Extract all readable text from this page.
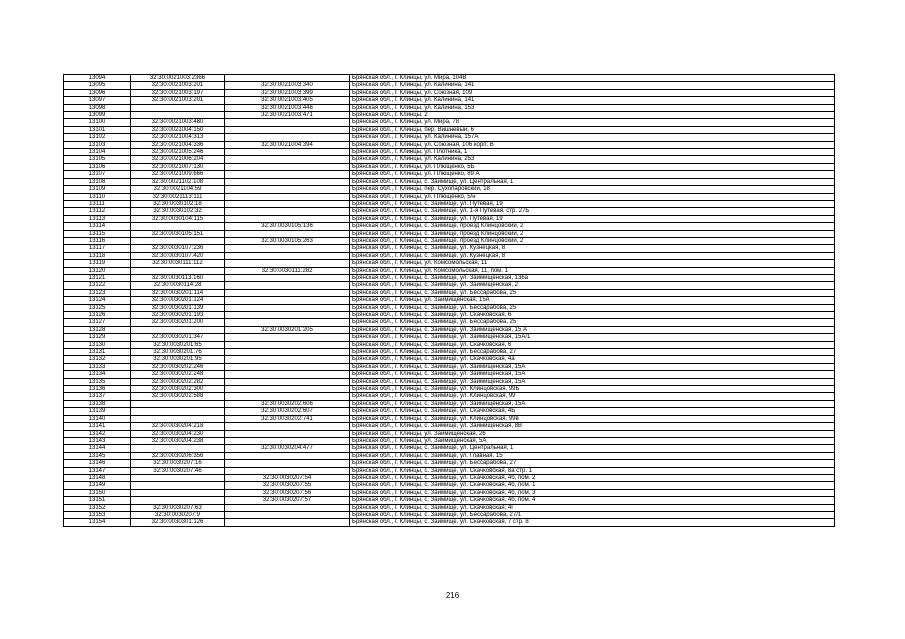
13094	32:30:0021003:2366		Брянская обл., г. Клинцы, ул. Мира, 104В
13095	32:30:0021003:201	32:30:0021003:340	Брянская обл., г. Клинцы, ул. Калинина, 141
13096	32:30:0021003:197	32:30:0021003:399	Брянская обл., г. Клинцы, ул. Союзная, 109
13097	32:30:0021003:201	32:30:0021003:405	Брянская обл., г. Клинцы, ул. Калинина, 141
13098		32:30:0021003:446	Брянская обл., г. Клинцы, ул. Калинина, 153
13099		32:30:0021003:471	Брянская обл., г. Клинцы, 2
13100	32:30:0021003:480		Брянская обл., г. Клинцы, ул. Мира, 78
13101	32:30:0021004:150		Брянская обл., г. Клинцы, пер. Вишневый, 6
13102	32:30:0021004:313		Брянская обл., г. Клинцы, ул. Калинина, 157А
13103	32:30:0021004:336	32:30:0021004:394	Брянская обл., г. Клинцы, ул. Союзная, 106 корп. В
13104	32:30:0021005:246		Брянская обл., г. Клинцы, ул. Плотника, 1
13105	32:30:0021006:204		Брянская обл., г. Клинцы, ул. Калинина, 253
13106	32:30:0021007:130		Брянская обл., г. Клинцы, ул. Плющенко, 5Б
13107	32:30:0021009:666		Брянская обл., г. Клинцы, ул. Плющенко, 89 А
13108	32:30:0021102:108		Брянская обл., г. Клинцы, с. Займище, ул. Центральная, 1
13109	32:30:0021104:59		Брянская обл., г. Клинцы, пер. Сухопаровский, 18
13110	32:30:0021113:111		Брянская обл., г. Клинцы, ул. Плющенко, 5/н
13111	32:30:0030102:18		Брянская обл., г. Клинцы, с. Займище, ул. Путевая, 19
13112	32:30:0030102:32		Брянская обл., г. Клинцы, с. Займище, ул. 1-я Путевая, стр. 27Б
13113	32:30:0030104:115		Брянская обл., г. Клинцы, с. Займище, ул. Путевая, 19
13114		32:30:0030105:136	Брянская обл., г. Клинцы, с. Займище, проезд Клинцовский, 2
13115	32:30:0030105:151		Брянская обл., г. Клинцы, с. Займище, проезд Клинцовский, 2
13116		32:30:0030105:263	Брянская обл., г. Клинцы, с. Займище, проезд Клинцовский, 2
13117	32:30:0030107:236		Брянская обл., г. Клинцы, с. Займище, ул. Кузнецкая, 8
13118	32:30:0030107:420		Брянская обл., г. Клинцы, с. Займище, ул. Кузнецкая, 8
13119	32:30:0030111:112		Брянская обл., г. Клинцы, ул. Комсомольская, 11
13120		32:30:0030111:282	Брянская обл., г. Клинцы, ул. Комсомольская, 11, пом. 1
13121	32:30:0030113:160		Брянская обл., г. Клинцы, с. Займище, ул. Займищенская, 136а
13122	32:30:0030114:28		Брянская обл., г. Клинцы, с. Займище, ул. Займищенская, 2
13123	32:30:0030201:114		Брянская обл., г. Клинцы, с. Займище, ул. Бессарабова, 25
13124	32:30:0030201:124		Брянская обл., г. Клинцы, ул. Займищенская, 15А
13125	32:30:0030201:139		Брянская обл., г. Клинцы, с. Займище, ул. Бессарабова, 25
13126	32:30:0030201:193		Брянская обл., г. Клинцы, с. Займище, ул. Скачковская, 6
13127	32:30:0030201:200		Брянская обл., г. Клинцы, с. Займище, ул. Бессарабова, 25
13128		32:30:0030201:205	Брянская обл., г. Клинцы, с. Займище, ул. Займищенская, 15 А
13129	32:30:0030201:347		Брянская обл., г. Клинцы, с. Займище, ул. Займищенская, 15А/1
13130	32:30:0030201:65		Брянская обл., г. Клинцы, с. Займище, ул. Скачковская, 6
13131	32:30:0030201:76		Брянская обл., г. Клинцы, с. Займище, ул. Бессарабова, 27
13132	32:30:0030201:95		Брянская обл., г. Клинцы, с. Займище, ул. Скачковская, 4а
13133	32:30:0030202:246		Брянская обл., г. Клинцы, с. Займище, ул. Займищенская, 15А
13134	32:30:0030202:248		Брянская обл., г. Клинцы, с. Займище, ул. Займищенская, 15А
13135	32:30:0030202:282		Брянская обл., г. Клинцы, с. Займище, ул. Займищенская, 15А
13136	32:30:0030202:300		Брянская обл., г. Клинцы, с. Займище, ул. Клинцовская, 99Б
13137	32:30:0030202:588		Брянская обл., г. Клинцы, с. Займище, ул. Клинцовская, 99
13138		32:30:0030202:606	Брянская обл., г. Клинцы, с. Займище, ул. Займищенская, 15А
13139		32:30:0030202:607	Брянская обл., г. Клинцы, с. Займище, ул. Скачковская, 4Б
13140		32:30:0030202:741	Брянская обл., г. Клинцы, с. Займище, ул. Клинцовская, 99в
13141	32:30:0030204:218		Брянская обл., г. Клинцы, с. Займище, ул. Займищенская, 8В
13142	32:30:0030204:230		Брянская обл., г. Клинцы, ул. Займищенская, 26
13143	32:30:0030204:238		Брянская обл., г. Клинцы, ул. Займищенская, 5А
13144		32:30:0030204:477	Брянская обл., г. Клинцы, с. Займище, ул. Центральная, 1
13145	32:30:0030206:356		Брянская обл., г. Клинцы, с. Займище, ул. Главная, 15
13146	32:30:0030207:16		Брянская обл., г. Клинцы, с. Займище, ул. Бессарабова, 27
13147	32:30:0030207:46		Брянская обл., г. Клинцы, с. Займище, ул. Скачковская, 8а стр. 1
13148		32:30:0030207:54	Брянская обл., г. Клинцы, с. Займище, ул. Скачковская, 4б, пом. 2
13149		32:30:0030207:55	Брянская обл., г. Клинцы, с. Займище, ул. Скачковская, 4б, пом. 1
13150		32:30:0030207:56	Брянская обл., г. Клинцы, с. Займище, ул. Скачковская, 4б, пом. 3
13151		32:30:0030207:57	Брянская обл., г. Клинцы, с. Займище, ул. Скачковская, 4б, пом. 4
13152	32:30:0030207:63		Брянская обл., г. Клинцы, с. Займище, ул. Скачковская, 4Г
13153	32:30:0030207:9		Брянская обл., г. Клинцы, с. Займище, ул. Бессарабова, 27/1
13154	32:30:0030301:126		Брянская обл., г. Клинцы, с. Займище, ул. Скачковская, 7 стр. 8
216
